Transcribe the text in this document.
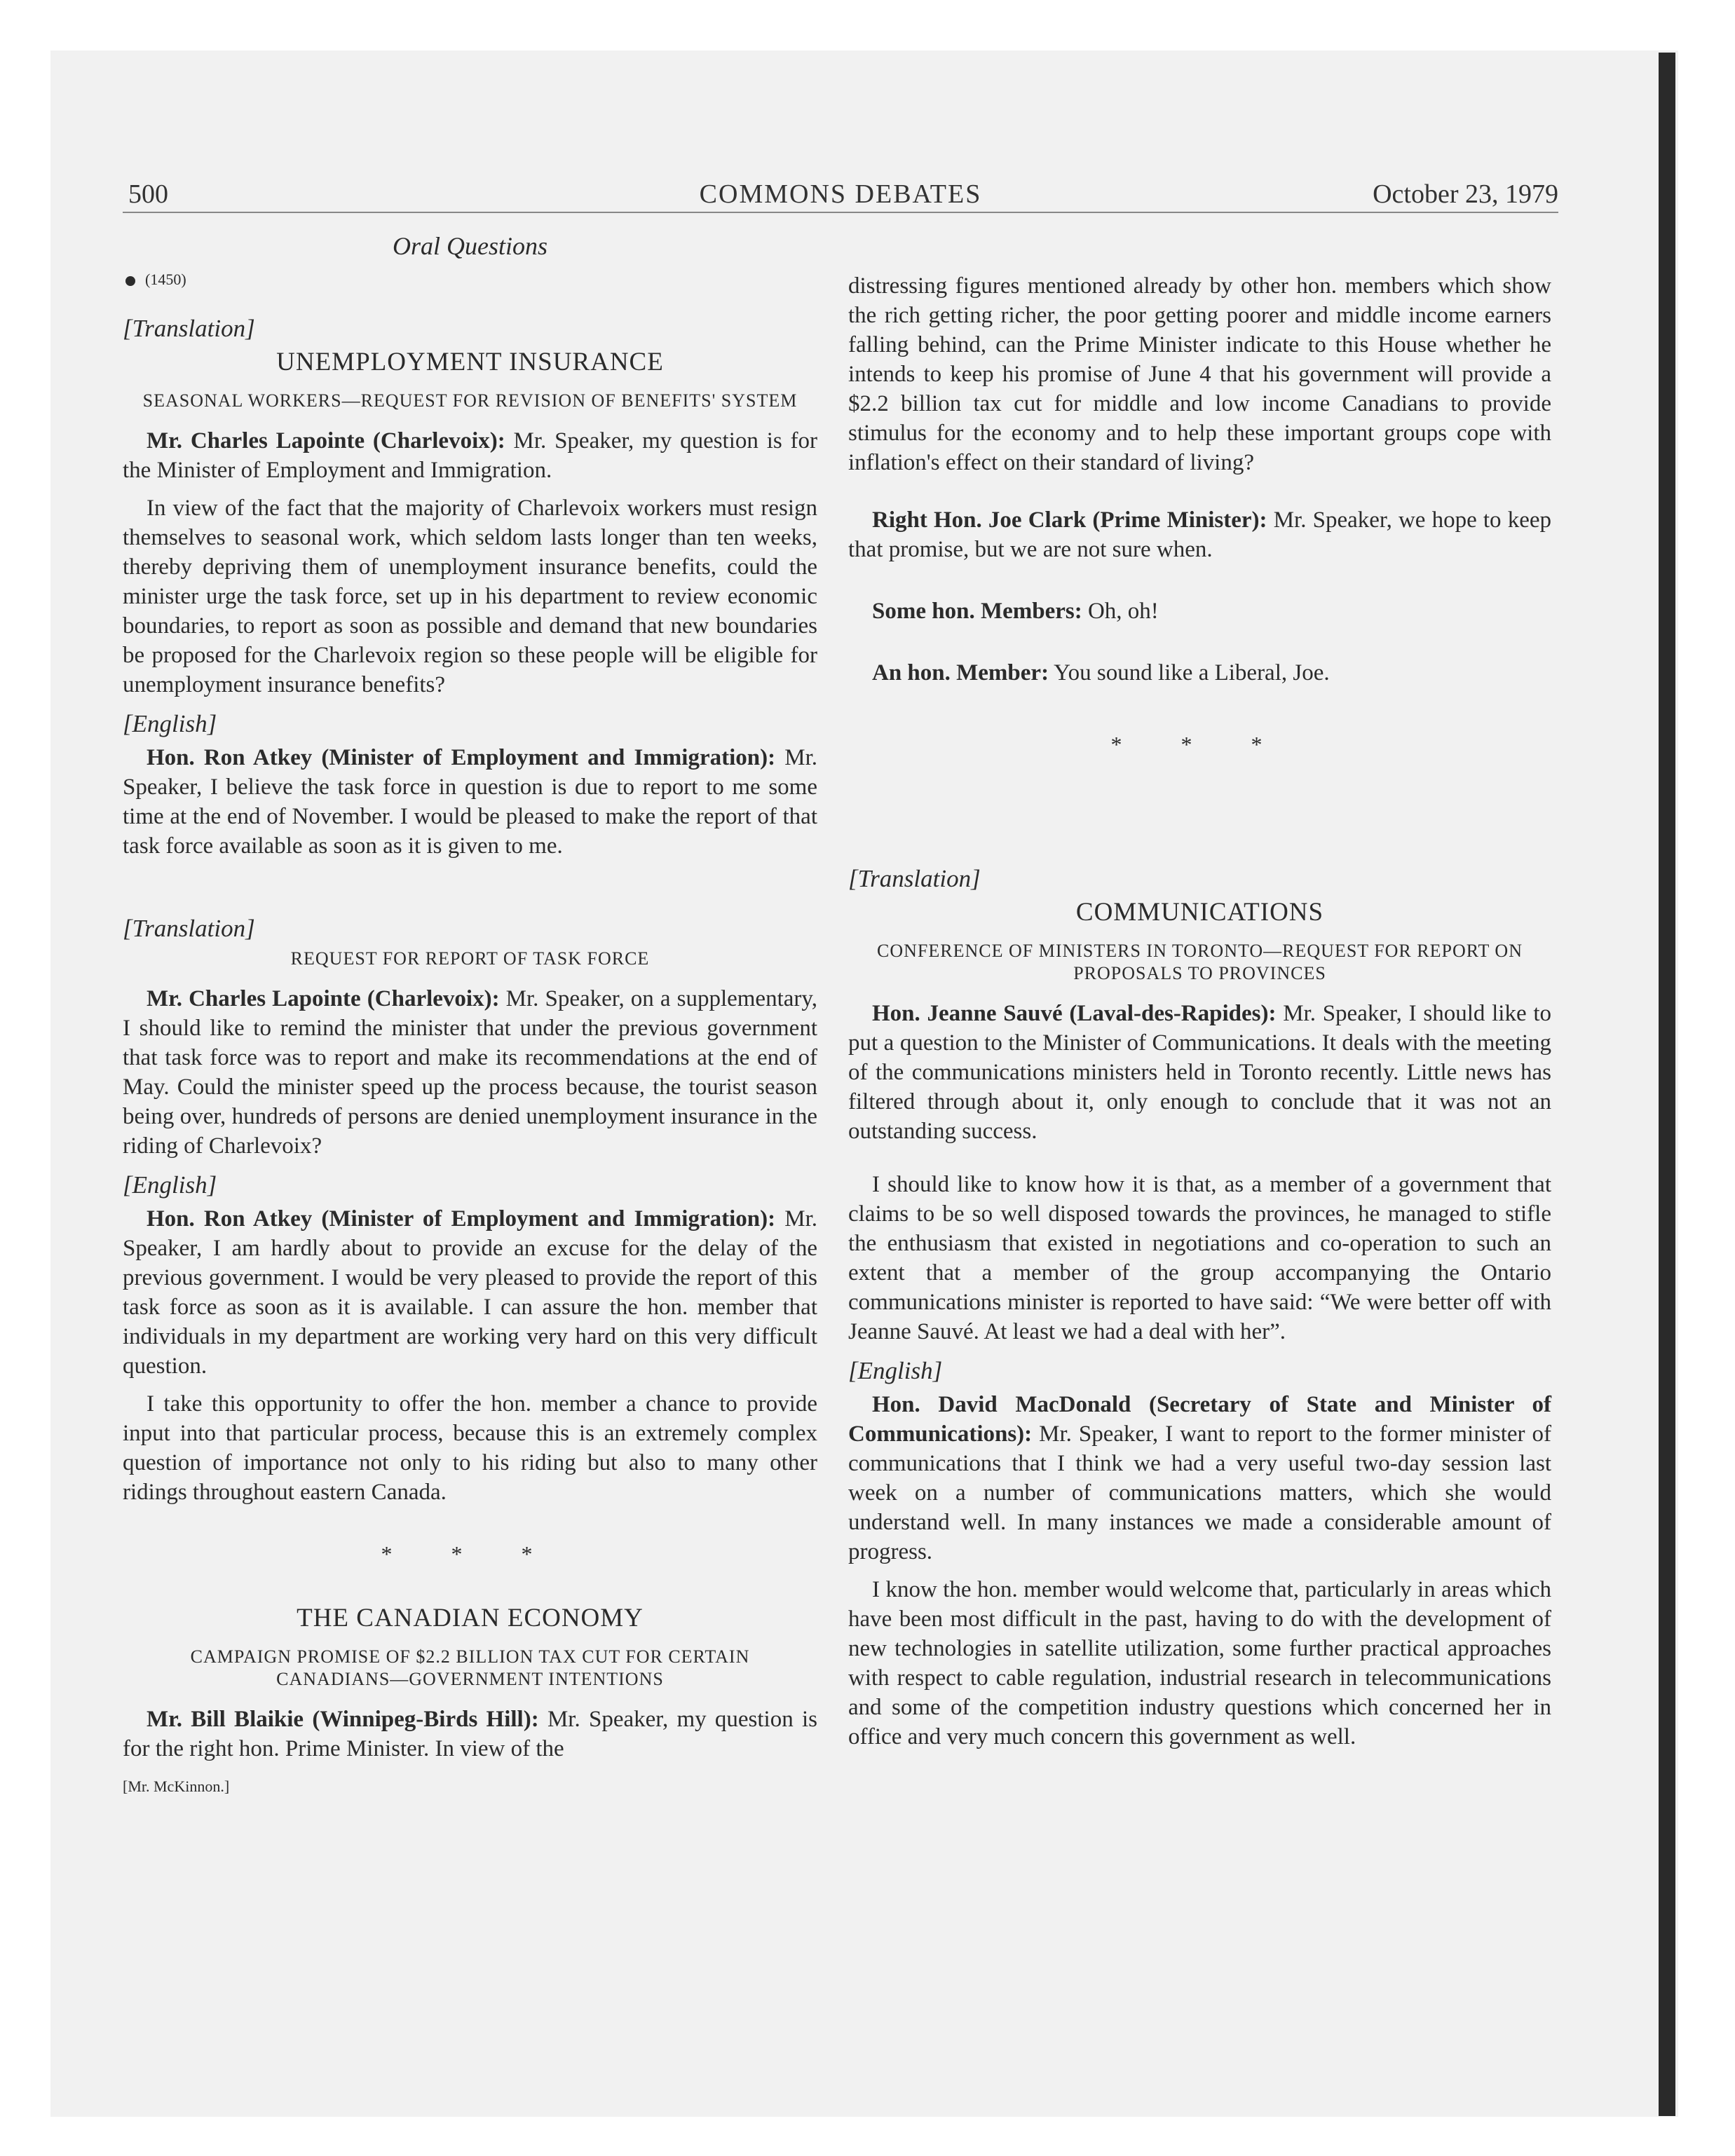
500	COMMONS DEBATES	October 23, 1979
Oral Questions
(1450)
[Translation]
UNEMPLOYMENT INSURANCE
SEASONAL WORKERS—REQUEST FOR REVISION OF BENEFITS' SYSTEM

Mr. Charles Lapointe (Charlevoix): Mr. Speaker, my question is for the Minister of Employment and Immigration.

In view of the fact that the majority of Charlevoix workers must resign themselves to seasonal work, which seldom lasts longer than ten weeks, thereby depriving them of unemployment insurance benefits, could the minister urge the task force, set up in his department to review economic boundaries, to report as soon as possible and demand that new boundaries be proposed for the Charlevoix region so these people will be eligible for unemployment insurance benefits?

[English]

Hon. Ron Atkey (Minister of Employment and Immigration): Mr. Speaker, I believe the task force in question is due to report to me some time at the end of November. I would be pleased to make the report of that task force available as soon as it is given to me.

[Translation]
REQUEST FOR REPORT OF TASK FORCE

Mr. Charles Lapointe (Charlevoix): Mr. Speaker, on a supplementary, I should like to remind the minister that under the previous government that task force was to report and make its recommendations at the end of May. Could the minister speed up the process because, the tourist season being over, hundreds of persons are denied unemployment insurance in the riding of Charlevoix?

[English]

Hon. Ron Atkey (Minister of Employment and Immigration): Mr. Speaker, I am hardly about to provide an excuse for the delay of the previous government. I would be very pleased to provide the report of this task force as soon as it is available. I can assure the hon. member that individuals in my department are working very hard on this very difficult question.

I take this opportunity to offer the hon. member a chance to provide input into that particular process, because this is an extremely complex question of importance not only to his riding but also to many other ridings throughout eastern Canada.

* * *
THE CANADIAN ECONOMY
CAMPAIGN PROMISE OF $2.2 BILLION TAX CUT FOR CERTAIN CANADIANS—GOVERNMENT INTENTIONS

Mr. Bill Blaikie (Winnipeg-Birds Hill): Mr. Speaker, my question is for the right hon. Prime Minister. In view of the

[Mr. McKinnon.]

distressing figures mentioned already by other hon. members which show the rich getting richer, the poor getting poorer and middle income earners falling behind, can the Prime Minister indicate to this House whether he intends to keep his promise of June 4 that his government will provide a $2.2 billion tax cut for middle and low income Canadians to provide stimulus for the economy and to help these important groups cope with inflation's effect on their standard of living?

Right Hon. Joe Clark (Prime Minister): Mr. Speaker, we hope to keep that promise, but we are not sure when.

Some hon. Members: Oh, oh!

An hon. Member: You sound like a Liberal, Joe.

* * *
[Translation]
COMMUNICATIONS
CONFERENCE OF MINISTERS IN TORONTO—REQUEST FOR REPORT ON PROPOSALS TO PROVINCES

Hon. Jeanne Sauvé (Laval-des-Rapides): Mr. Speaker, I should like to put a question to the Minister of Communications. It deals with the meeting of the communications ministers held in Toronto recently. Little news has filtered through about it, only enough to conclude that it was not an outstanding success.

I should like to know how it is that, as a member of a government that claims to be so well disposed towards the provinces, he managed to stifle the enthusiasm that existed in negotiations and co-operation to such an extent that a member of the group accompanying the Ontario communications minister is reported to have said: “We were better off with Jeanne Sauvé. At least we had a deal with her”.

[English]

Hon. David MacDonald (Secretary of State and Minister of Communications): Mr. Speaker, I want to report to the former minister of communications that I think we had a very useful two-day session last week on a number of communications matters, which she would understand well. In many instances we made a considerable amount of progress.

I know the hon. member would welcome that, particularly in areas which have been most difficult in the past, having to do with the development of new technologies in satellite utilization, some further practical approaches with respect to cable regulation, industrial research in telecommunications and some of the competition industry questions which concerned her in office and very much concern this government as well.
